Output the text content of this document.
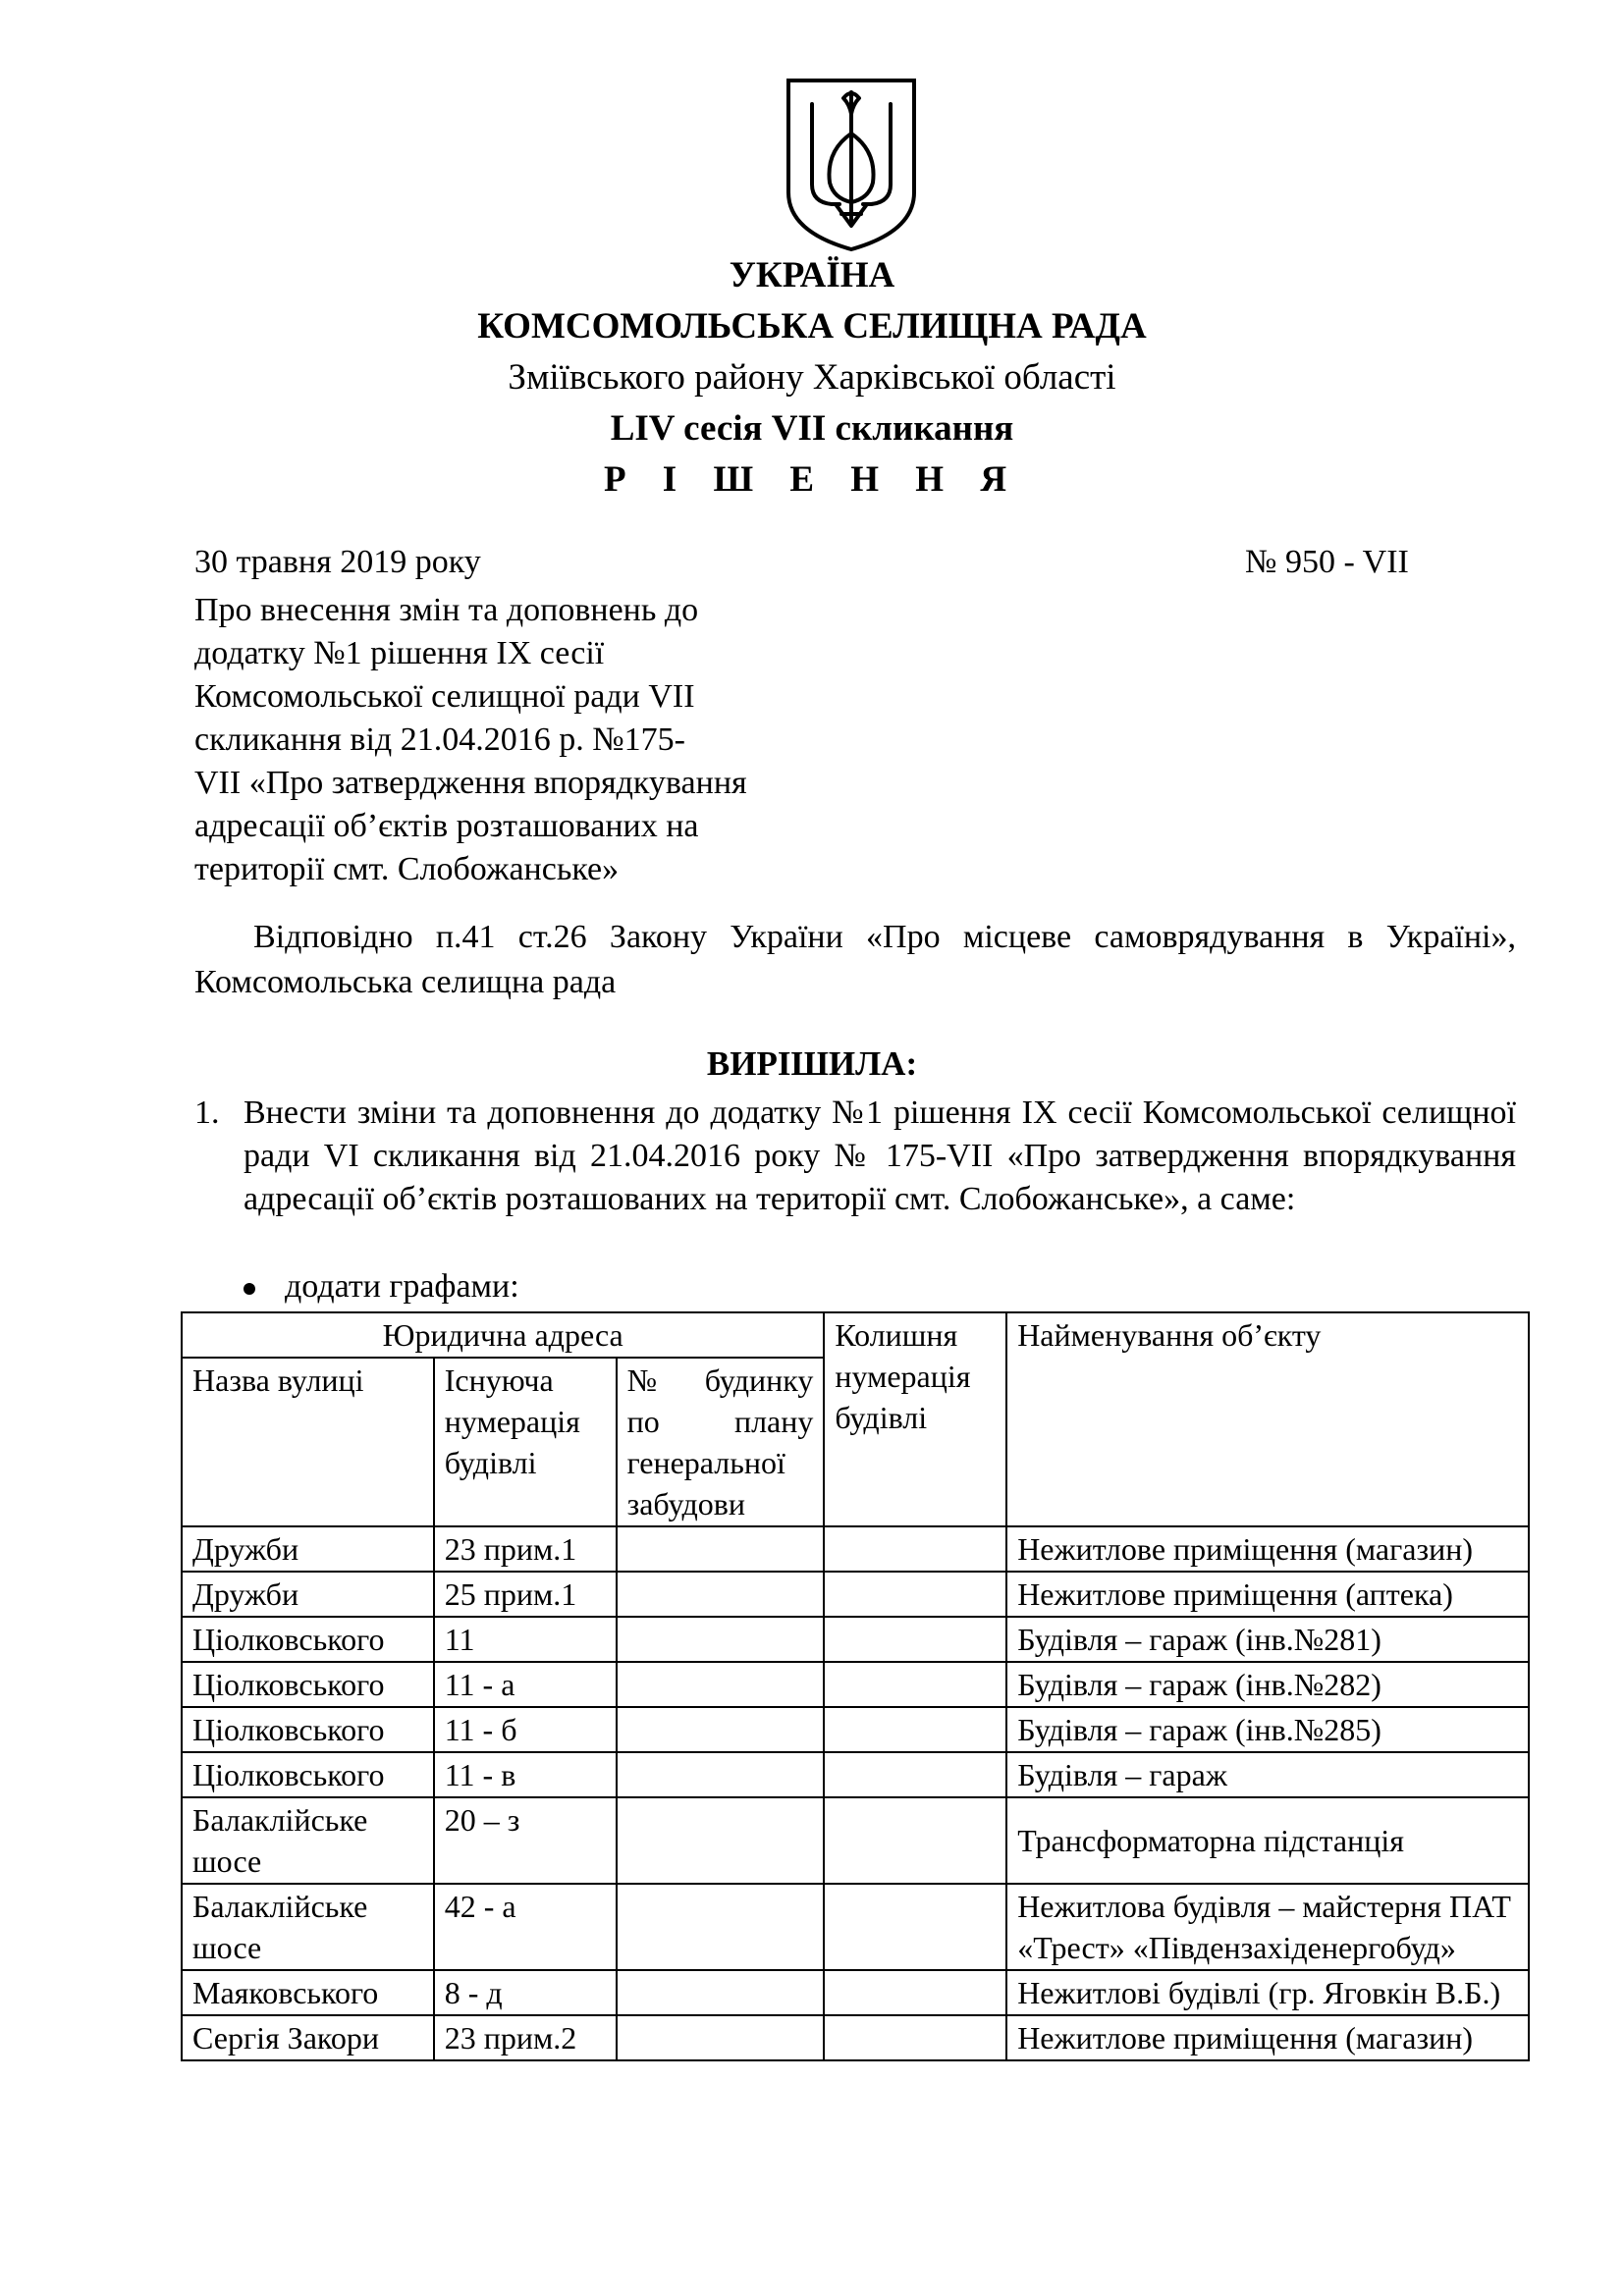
УКРАЇНА
КОМСОМОЛЬСЬКА СЕЛИЩНА РАДА
Зміївського району Харківської області
LIV сесія VII скликання
Р І Ш Е Н Н Я
30 травня 2019 року	№ 950 - VII
Про внесення змін та доповнень до
додатку №1 рішення IX сесії
Комсомольської селищної ради VII
скликання від 21.04.2016 р. №175-
VII «Про затвердження впорядкування
адресації об’єктів розташованих на
території смт. Слобожанське»
Відповідно п.41 ст.26 Закону України «Про місцеве самоврядування в Україні», Комсомольська селищна рада
ВИРІШИЛА:
1. Внести зміни та доповнення до додатку №1 рішення IX сесії Комсомольської селищної ради VI скликання від 21.04.2016 року № 175-VII «Про затвердження впорядкування адресації об’єктів розташованих на території смт. Слобожанське», а саме:
додати графами:
Юридична адреса			Колишня нумерація будівлі	Найменування об’єкту
Назва вулиці	Існуюча нумерація будівлі	№ будинку по плану генеральної забудови		
Дружби	23 прим.1			Нежитлове приміщення (магазин)
Дружби	25 прим.1			Нежитлове приміщення (аптека)
Ціолковського	11			Будівля – гараж (інв.№281)
Ціолковського	11 - а			Будівля – гараж (інв.№282)
Ціолковського	11 - б			Будівля – гараж (інв.№285)
Ціолковського	11 - в			Будівля – гараж
Балаклійське шосе	20 – з			Трансформаторна підстанція
Балаклійське шосе	42 - а			Нежитлова будівля – майстерня ПАТ «Трест» «Південзахіденергобуд»
Маяковського	8 - д			Нежитлові будівлі (гр. Яговкін В.Б.)
Сергія Закори	23 прим.2			Нежитлове приміщення (магазин)
